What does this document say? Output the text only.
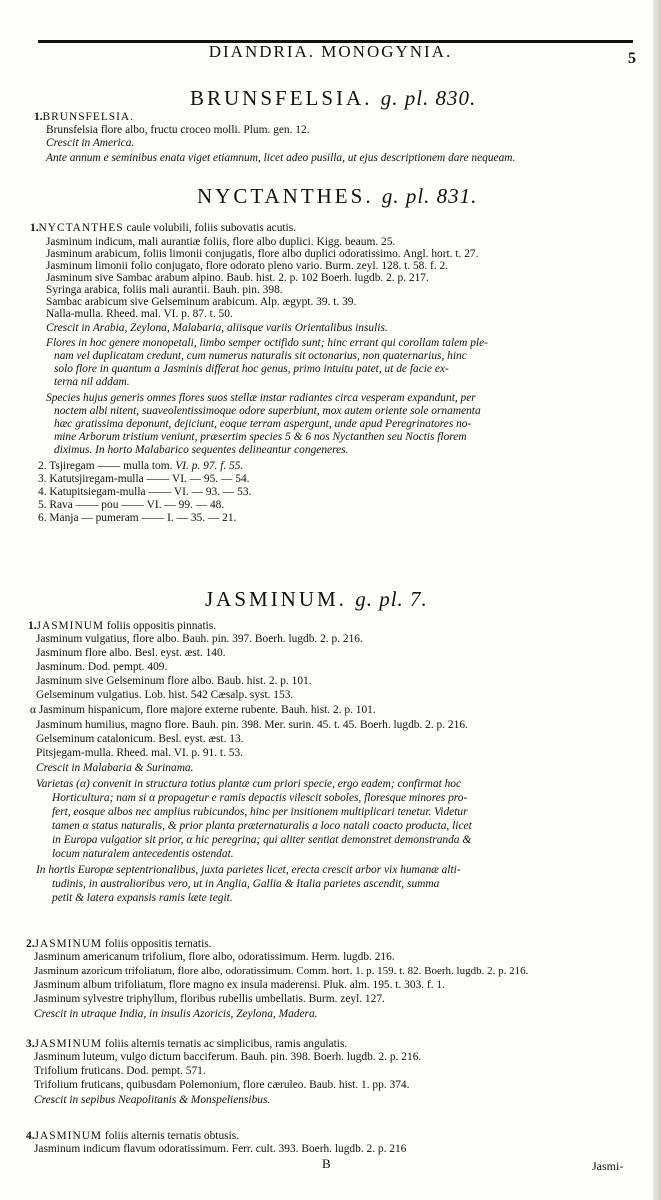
DIANDRIA. MONOGYNIA.	5
BRUNSFELSIA. g. pl. 830.
1.BRUNSFELSIA.
Brunsfelsia flore albo, fructu croceo molli. Plum. gen. 12.
Crescit in America.
Ante annum e seminibus enata viget etiamnum, licet adeo pusilla, ut ejus descriptionem dare nequeam.
NYCTANTHES. g. pl. 831.
1.NYCTANTHES caule volubili, foliis subovatis acutis.
Jasminum indicum, mali aurantiæ foliis, flore albo duplici. Kigg. beaum. 25.
Jasminum arabicum, foliis limonii conjugatis, flore albo duplici odoratissimo. Angl. hort. t. 27.
Jasminum limonii folio conjugato, flore odorato pleno vario. Burm. zeyl. 128. t. 58. f. 2.
Jasminum sive Sambac arabum alpino. Baub. hist. 2. p. 102 Boerh. lugdb. 2. p. 217.
Syringa arabica, foliis mali aurantii. Bauh. pin. 398.
Sambac arabicum sive Gelseminum arabicum. Alp. ægypt. 39. t. 39.
Nalla-mulla. Rheed. mal. VI. p. 87. t. 50.
Crescit in Arabia, Zeylona, Malabaria, aliisque variis Orientalibus insulis.
Flores in hoc genere monopetali, limbo semper octifido sunt; hinc errant qui corollam talem ple-
nam vel duplicatam credunt, cum numerus naturalis sit octonarius, non quaternarius, hinc
solo flore in quantum a Jasminis differat hoc genus, primo intuitu patet, ut de facie ex-
terna nil addam.
Species hujus generis omnes flores suos stellæ instar radiantes circa vesperam expandunt, per
noctem albi nitent, suaveolentissimoque odore superbiunt, mox autem oriente sole ornamenta
hæc gratissima deponunt, dejiciunt, eoque terram aspergunt, unde apud Peregrinatores no-
mine Arborum tristium veniunt, præsertim species 5 & 6 nos Nyctanthen seu Noctis florem
diximus. In horto Malabarico sequentes delineantur congeneres.
2. Tsjiregam —— mulla tom. VI. p. 97. f. 55.
3. Katutsjiregam-mulla —— VI. — 95. — 54.
4. Katupitsiegam-mulla —— VI. — 93. — 53.
5. Rava —— pou —— VI. — 99. — 48.
6. Manja — pumeram —— I. — 35. — 21.
JASMINUM. g. pl. 7.
1.JASMINUM foliis oppositis pinnatis.
Jasminum vulgatius, flore albo. Bauh. pin. 397. Boerh. lugdb. 2. p. 216.
Jasminum flore albo. Besl. eyst. æst. 140.
Jasminum. Dod. pempt. 409.
Jasminum sive Gelseminum flore albo. Baub. hist. 2. p. 101.
Gelseminum vulgatius. Lob. hist. 542 Cæsalp. syst. 153.
α Jasminum hispanicum, flore majore externe rubente. Bauh. hist. 2. p. 101.
Jasminum humilius, magno flore. Bauh. pin. 398. Mer. surin. 45. t. 45. Boerh. lugdb. 2. p. 216.
Gelseminum catalonicum. Besl. eyst. æst. 13.
Pitsjegam-mulla. Rheed. mal. VI. p. 91. t. 53.
Crescit in Malabaria & Surinama.
Varietas (α) convenit in structura totius plantæ cum priori specie, ergo eadem; confirmat hoc
Horticultura; nam si α propagetur e ramis depactis vilescit soboles, floresque minores pro-
fert, eosque albos nec amplius rubicundos, hinc per insitionem multiplicari tenetur. Videtur
tamen α status naturalis, & prior planta præternaturalis a loco natali coacto producta, licet
in Europa vulgatior sit prior, α hic peregrina; qui aliter sentiat demonstret demonstranda &
locum naturalem antecedentis ostendat.
In hortis Europæ septentrionalibus, juxta parietes licet, erecta crescit arbor vix humanæ alti-
tudinis, in australioribus vero, ut in Anglia, Gallia & Italia parietes ascendit, summa
petit & latera expansis ramis læte tegit.
2.JASMINUM foliis oppositis ternatis.
Jasminum americanum trifolium, flore albo, odoratissimum. Herm. lugdb. 216.
Jasminum azoricum trifoliatum, flore albo, odoratissimum. Comm. hort. 1. p. 159. t. 82. Boerh. lugdb. 2. p. 216.
Jasminum album trifoliatum, flore magno ex insula maderensi. Pluk. alm. 195. t. 303. f. 1.
Jasminum sylvestre triphyllum, floribus rubellis umbellatis. Burm. zeyl. 127.
Crescit in utraque India, in insulis Azoricis, Zeylona, Madera.
3.JASMINUM foliis alternis ternatis ac simplicibus, ramis angulatis.
Jasminum luteum, vulgo dictum bacciferum. Bauh. pin. 398. Boerh. lugdb. 2. p. 216.
Trifolium fruticans. Dod. pempt. 571.
Trifolium fruticans, quibusdam Polemonium, flore cæruleo. Baub. hist. 1. pp. 374.
Crescit in sepibus Neapolitanis & Monspeliensibus.
4.JASMINUM foliis alternis ternatis obtusis.
Jasminum indicum flavum odoratissimum. Ferr. cult. 393. Boerh. lugdb. 2. p. 216
B	Jasmi-
